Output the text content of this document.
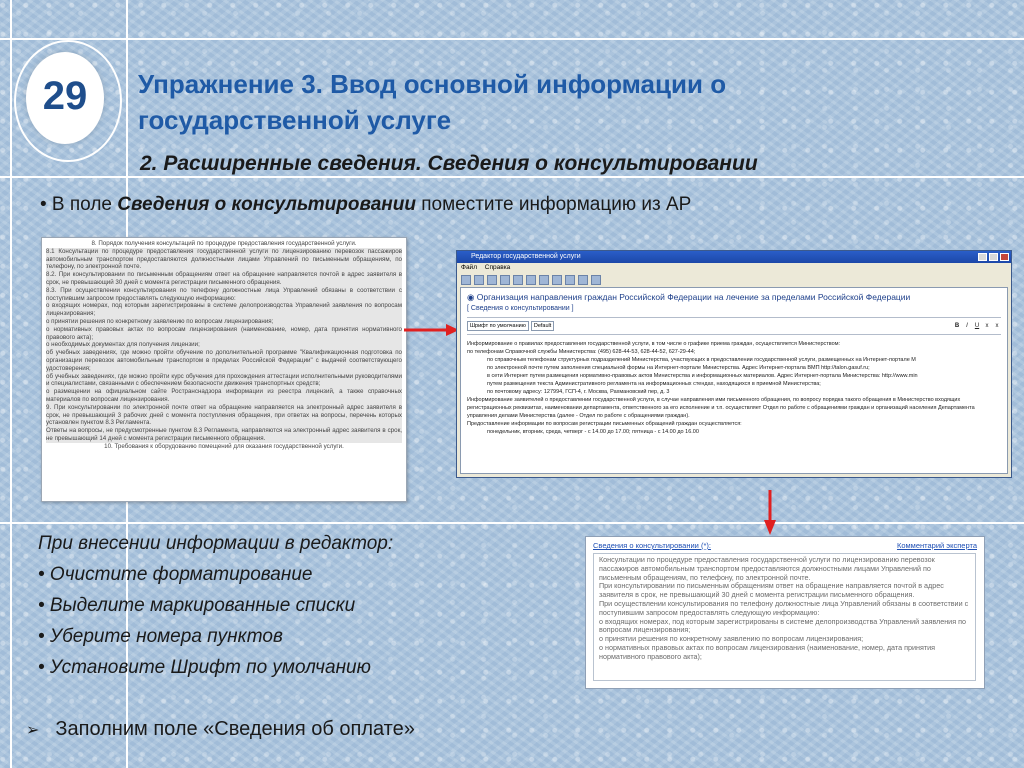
29	Упражнение 3. Ввод основной информации о государственной услуге
2. Расширенные сведения. Сведения о консультировании
• В поле Сведения о консультировании поместите информацию из АР

8. Порядок получения консультаций по процедуре предоставления государственной услуги.

8.1 Консультации по процедуре предоставления государственной услуги по лицензированию перевозок пассажиров автомобильным транспортом предоставляются должностными лицами Управлений по письменным обращениям, по телефону, по электронной почте.

8.2. При консультировании по письменным обращениям ответ на обращение направляется почтой в адрес заявителя в срок, не превышающий 30 дней с момента регистрации письменного обращения.

8.3. При осуществлении консультирования по телефону должностные лица Управлений обязаны в соответствии с поступившим запросом предоставлять следующую информацию:

о входящих номерах, под которым зарегистрированы в системе делопроизводства Управлений заявления по вопросам лицензирования;

о принятии решения по конкретному заявлению по вопросам лицензирования;

о нормативных правовых актах по вопросам лицензирования (наименование, номер, дата принятия нормативного правового акта);

о необходимых документах для получения лицензии;

об учебных заведениях, где можно пройти обучение по дополнительной программе "Квалификационная подготовка по организации перевозок автомобильным транспортом в пределах Российской Федерации" с выдачей соответствующего удостоверения;

об учебных заведениях, где можно пройти курс обучения для прохождения аттестации исполнительными руководителями и специалистами, связанными с обеспечением безопасности движения транспортных средств;

о размещении на официальном сайте Ространснадзора информации из реестра лицензий, а также справочных материалов по вопросам лицензирования.

9. При консультировании по электронной почте ответ на обращение направляется на электронный адрес заявителя в срок, не превышающий 3 рабочих дней с момента поступления обращения, при ответах на вопросы, перечень которых установлен пунктом 8.3 Регламента.

Ответы на вопросы, не предусмотренные пунктом 8.3 Регламента, направляются на электронный адрес заявителя в срок, не превышающий 14 дней с момента регистрации письменного обращения.

10. Требования к оборудованию помещений для оказания государственной услуги.

Редактор государственной услуги
Файл Справка
◉ Организация направления граждан Российской Федерации на лечение за пределами Российской Федерации
[ Сведения о консультировании ]
Шрифт по умолчанию	Default	B	I	U	x	x
Информирование о правилах предоставления государственной услуги, в том числе о графике приема граждан, осуществляется Министерством:
по телефонам Справочной службы Министерства: (495) 628-44-53, 628-44-52, 627-29-44;
по справочным телефонам структурных подразделений Министерства, участвующих в предоставлении государственной услуги, размещенных на Интернет-портале М
по электронной почте путем заполнения специальной формы на Интернет-портале Министерства. Адрес Интернет-портала ВМП http://talon.gasuf.ru;
в сети Интернет путем размещения нормативно-правовых актов Министерства и информационных материалов. Адрес Интернет-портала Министерства: http://www.min
путем размещения текста Административного регламента на информационных стендах, находящихся в приемной Министерства;
по почтовому адресу: 127994, ГСП-4, г. Москва, Рахмановский пер, д. 3
Информирование заявителей о предоставлении государственной услуги, в случае направления ими письменного обращения, по вопросу порядка такого обращения в Министерство входящих регистрационных реквизитах, наименовании департамента, ответственного за его исполнение и т.п. осуществляет Отдел по работе с обращениями граждан и организаций населения Департамента управления делами Министерства (далее - Отдел по работе с обращениями граждан).
Предоставление информации по вопросам регистрации письменных обращений граждан осуществляется:
понедельник, вторник, среда, четверг - с 14.00 до 17.00; пятница - с 14.00 до 16.00
Сведения о консультировании (*):	Комментарий эксперта

Консультации по процедуре предоставления государственной услуги по лицензированию перевозок пассажиров автомобильным транспортом предоставляются должностными лицами Управлений по письменным обращениям, по телефону, по электронной почте.

При консультировании по письменным обращениям ответ на обращение направляется почтой в адрес заявителя в срок, не превышающий 30 дней с момента регистрации письменного обращения.

При осуществлении консультирования по телефону должностные лица Управлений обязаны в соответствии с поступившим запросом предоставлять следующую информацию:

о входящих номерах, под которым зарегистрированы в системе делопроизводства Управлений заявления по вопросам лицензирования;

о принятии решения по конкретному заявлению по вопросам лицензирования;

о нормативных правовых актах по вопросам лицензирования (наименование, номер, дата принятия нормативного правового акта);

При внесении информации в редактор:
• Очистите форматирование
• Выделите маркированные списки
• Уберите номера пунктов
• Установите Шрифт по умолчанию
➢ Заполним поле «Сведения об оплате»
